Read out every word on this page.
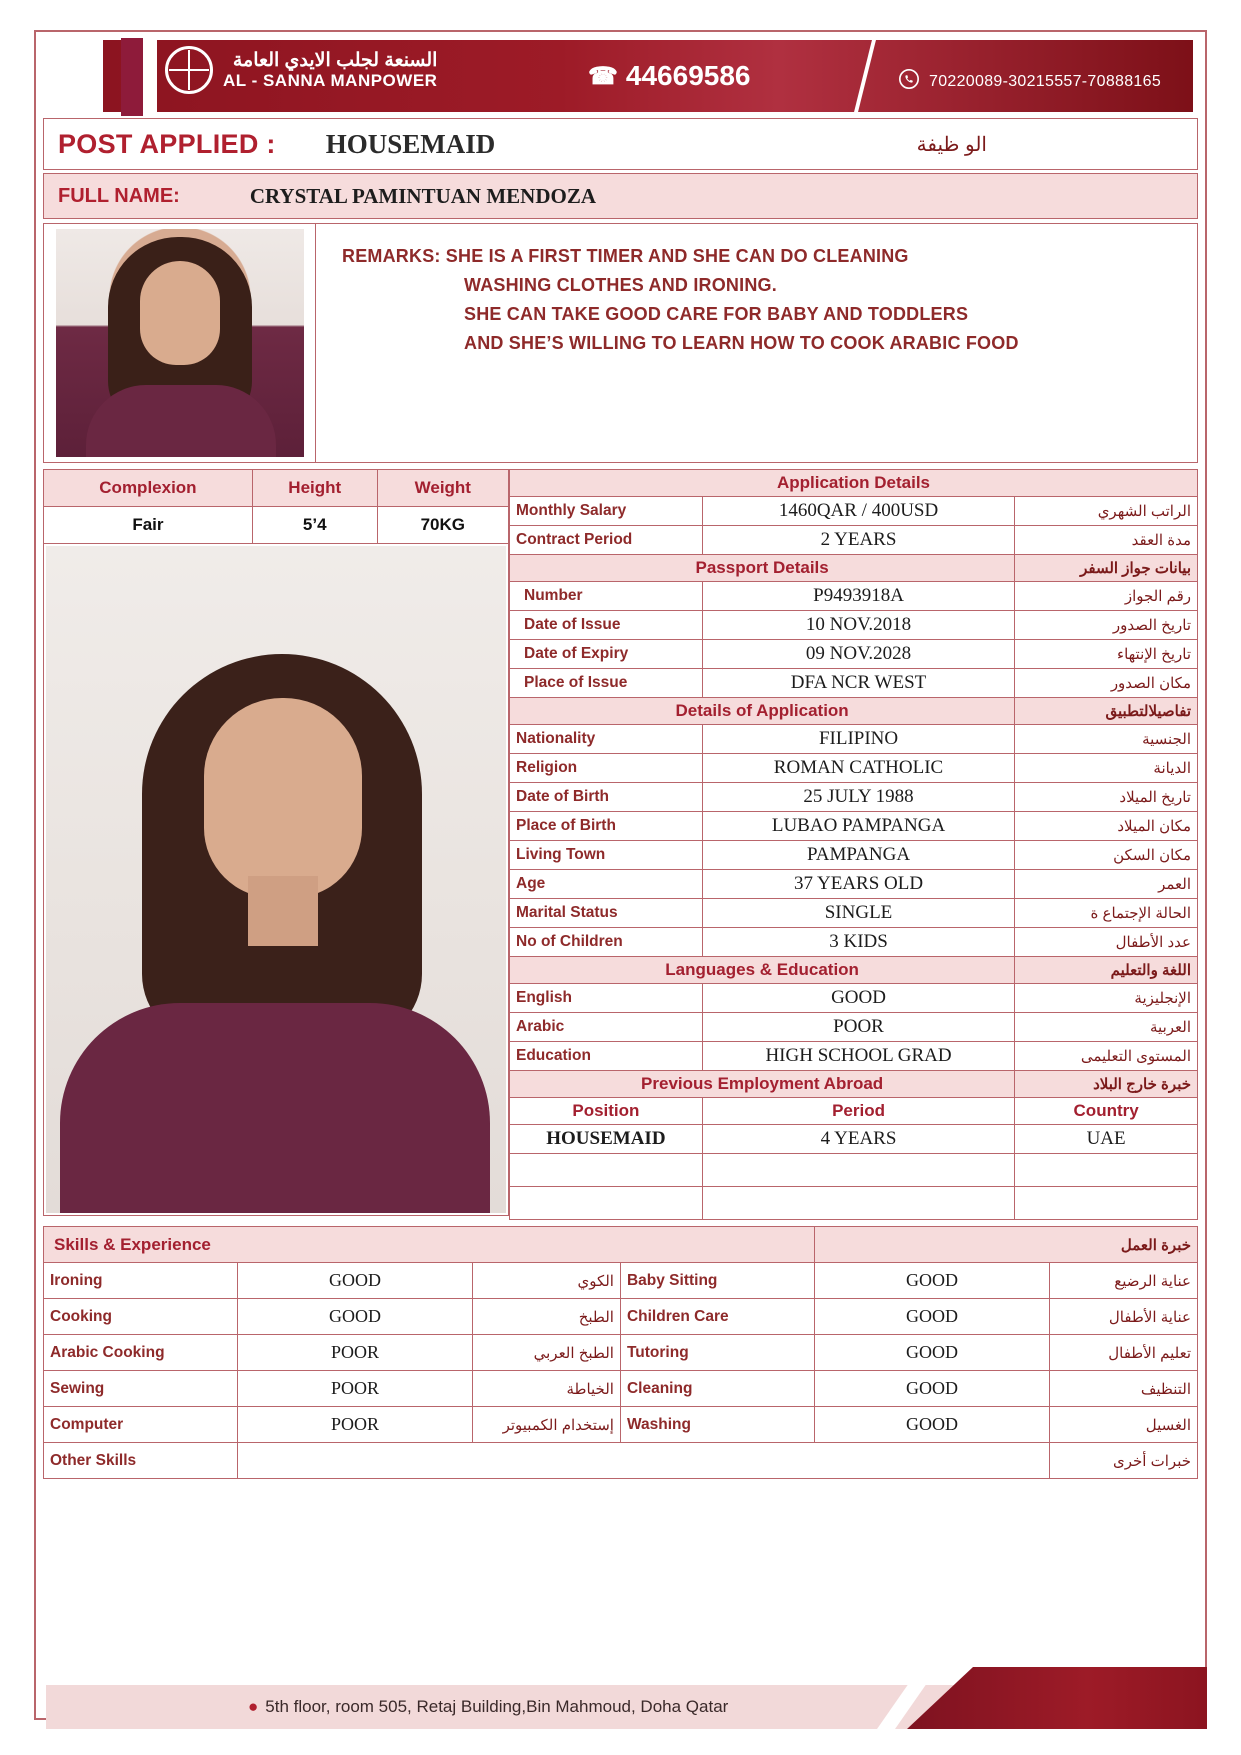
السنعة لجلب الايدي العامة
AL - SANNA MANPOWER	☎ 44669586	70220089-30215557-70888165
POST APPLIED : HOUSEMAID	الو ظيفة
FULL NAME:	CRYSTAL PAMINTUAN MENDOZA
REMARKS: SHE IS A FIRST TIMER AND SHE CAN DO CLEANING
WASHING CLOTHES AND IRONING.
SHE CAN TAKE GOOD CARE FOR BABY AND TODDLERS
AND SHE’S WILLING TO LEARN HOW TO COOK ARABIC FOOD
Complexion	Height	Weight
Fair	5’4	70KG
Application Details		
Monthly Salary	1460QAR / 400USD	الراتب الشهري
Contract Period	2 YEARS	مدة العقد
Passport Details		بيانات جواز السفر
Number	P9493918A	رقم الجواز
Date of Issue	10 NOV.2018	تاريخ الصدور
Date of Expiry	09 NOV.2028	تاريخ الإنتهاء
Place of Issue	DFA NCR WEST	مكان الصدور
Details of Application		تفاصيلالتطبيق
Nationality	FILIPINO	الجنسية
Religion	ROMAN CATHOLIC	الديانة
Date of Birth	25 JULY 1988	تاريخ الميلاد
Place of Birth	LUBAO PAMPANGA	مكان الميلاد
Living Town	PAMPANGA	مكان السكن
Age	37 YEARS OLD	العمر
Marital Status	SINGLE	الحالة الإجتماع ة
No of Children	3 KIDS	عدد الأطفال
Languages & Education		اللغة والتعليم
English	GOOD	الإنجليزية
Arabic	POOR	العربية
Education	HIGH SCHOOL GRAD	المستوى التعليمى
Previous Employment Abroad		خبرة خارج البلاد
Position	Period	Country
HOUSEMAID	4 YEARS	UAE

Skills & Experience				خبرة العمل	
Ironing	GOOD	الكوي	Baby Sitting	GOOD	عناية الرضيع
Cooking	GOOD	الطبخ	Children Care	GOOD	عناية الأطفال
Arabic Cooking	POOR	الطبخ العربي	Tutoring	GOOD	تعليم الأطفال
Sewing	POOR	الخياطة	Cleaning	GOOD	التنظيف
Computer	POOR	إستخدام الكمبيوتر	Washing	GOOD	الغسيل
Other Skills					خبرات أخرى
● 5th floor, room 505, Retaj Building,Bin Mahmoud, Doha Qatar
